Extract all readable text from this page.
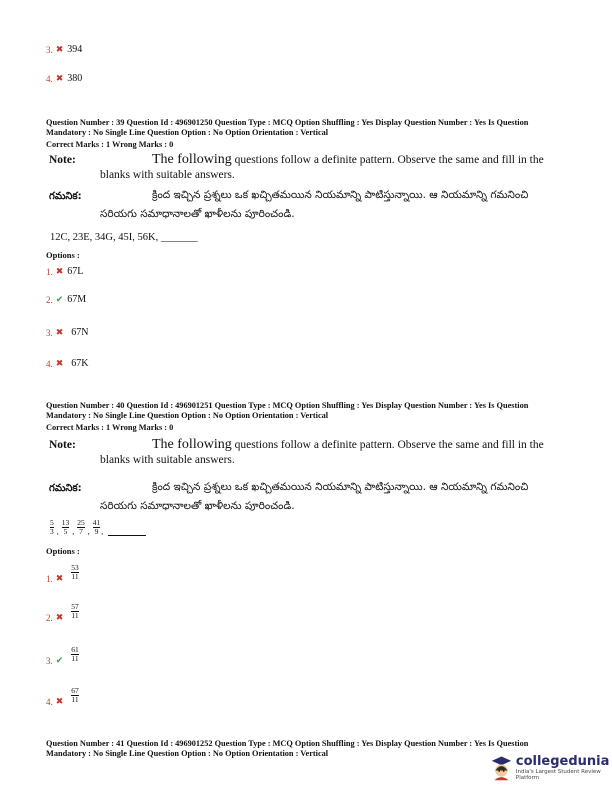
3. ✖ 394
4. ✖ 380
Question Number : 39 Question Id : 496901250 Question Type : MCQ Option Shuffling : Yes Display Question Number : Yes Is Question Mandatory : No Single Line Question Option : No Option Orientation : Vertical
Correct Marks : 1 Wrong Marks : 0
Note:	The following questions follow a definite pattern. Observe the same and fill in the blanks with suitable answers.
గమనిక:	క్రింద ఇచ్చిన ప్రశ్నలు ఒక ఖచ్చితమయిన నియమాన్ని పాటిస్తున్నాయి. ఆ నియమాన్ని గమనించి సరియగు సమాధానాలతో ఖాళీలను పూరించండి.
12C, 23E, 34G, 45I, 56K, _______
Options :
1. ✖ 67L
2. ✔ 67M
3. ✖ 67N
4. ✖ 67K
Question Number : 40 Question Id : 496901251 Question Type : MCQ Option Shuffling : Yes Display Question Number : Yes Is Question Mandatory : No Single Line Question Option : No Option Orientation : Vertical
Correct Marks : 1 Wrong Marks : 0
Note:	The following questions follow a definite pattern. Observe the same and fill in the blanks with suitable answers.
గమనిక:	క్రింద ఇచ్చిన ప్రశ్నలు ఒక ఖచ్చితమయిన నియమాన్ని పాటిస్తున్నాయి. ఆ నియమాన్ని గమనించి సరియగు సమాధానాలతో ఖాళీలను పూరించండి.
$\frac{5}{3}$ , $\frac{13}{5}$ , $\frac{25}{7}$ , $\frac{41}{9}$ ,
Options :
1. ✖ $\frac{53}{11}$
2. ✖ $\frac{57}{11}$
3. ✔ $\frac{61}{11}$
4. ✖ $\frac{67}{11}$
Question Number : 41 Question Id : 496901252 Question Type : MCQ Option Shuffling : Yes Display Question Number : Yes Is Question Mandatory : No Single Line Question Option : No Option Orientation : Vertical	collegedunia
India's Largest Student Review Platform
